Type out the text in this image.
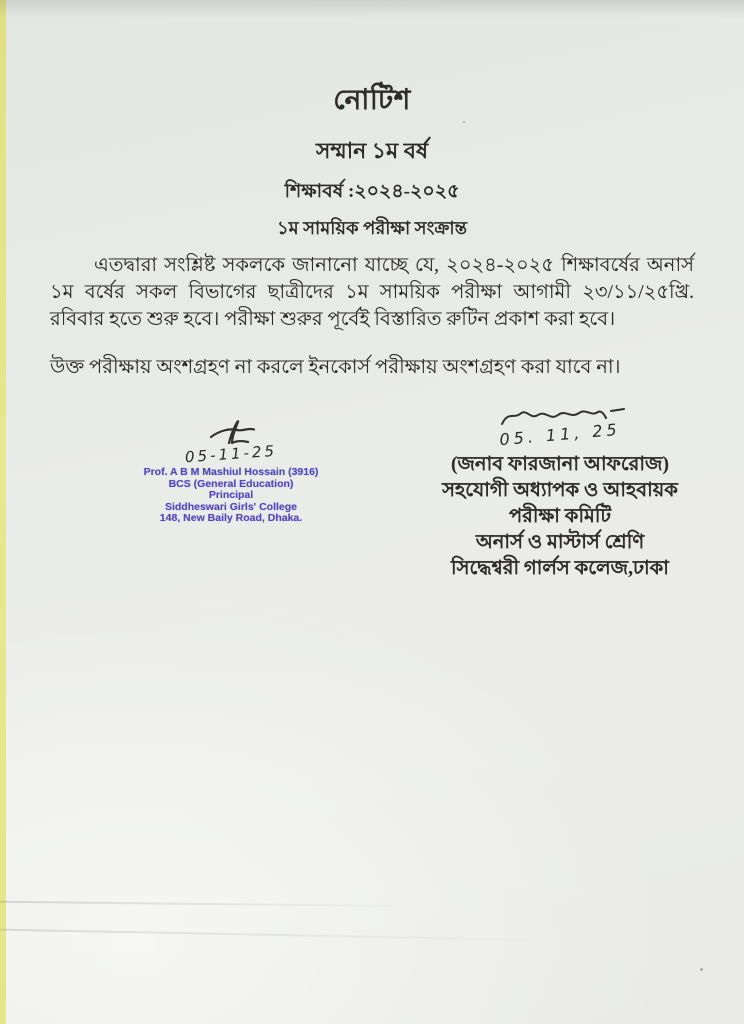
নোটিশ
সম্মান ১ম বর্ষ
শিক্ষাবর্ষ :২০২৪-২০২৫
১ম সাময়িক পরীক্ষা সংক্রান্ত

এতদ্বারা সংশ্লিষ্ট সকলকে জানানো যাচ্ছে যে, ২০২৪-২০২৫ শিক্ষাবর্ষের অনার্স ১ম বর্ষের সকল বিভাগের ছাত্রীদের ১ম সাময়িক পরীক্ষা আগামী ২৩/১১/২৫খ্রি. রবিবার হতে শুরু হবে। পরীক্ষা শুরুর পূর্বেই বিস্তারিত রুটিন প্রকাশ করা হবে।

উক্ত পরীক্ষায় অংশগ্রহণ না করলে ইনকোর্স পরীক্ষায় অংশগ্রহণ করা যাবে না।

05-11-25
Prof. A B M Mashiul Hossain (3916)
BCS (General Education)
Principal
Siddheswari Girls' College
148, New Baily Road, Dhaka.
05. 11, 25
(জনাব ফারজানা আফরোজ)
সহযোগী অধ্যাপক ও আহবায়ক
পরীক্ষা কমিটি
অনার্স ও মাস্টার্স শ্রেণি
সিদ্ধেশ্বরী গার্লস কলেজ,ঢাকা
